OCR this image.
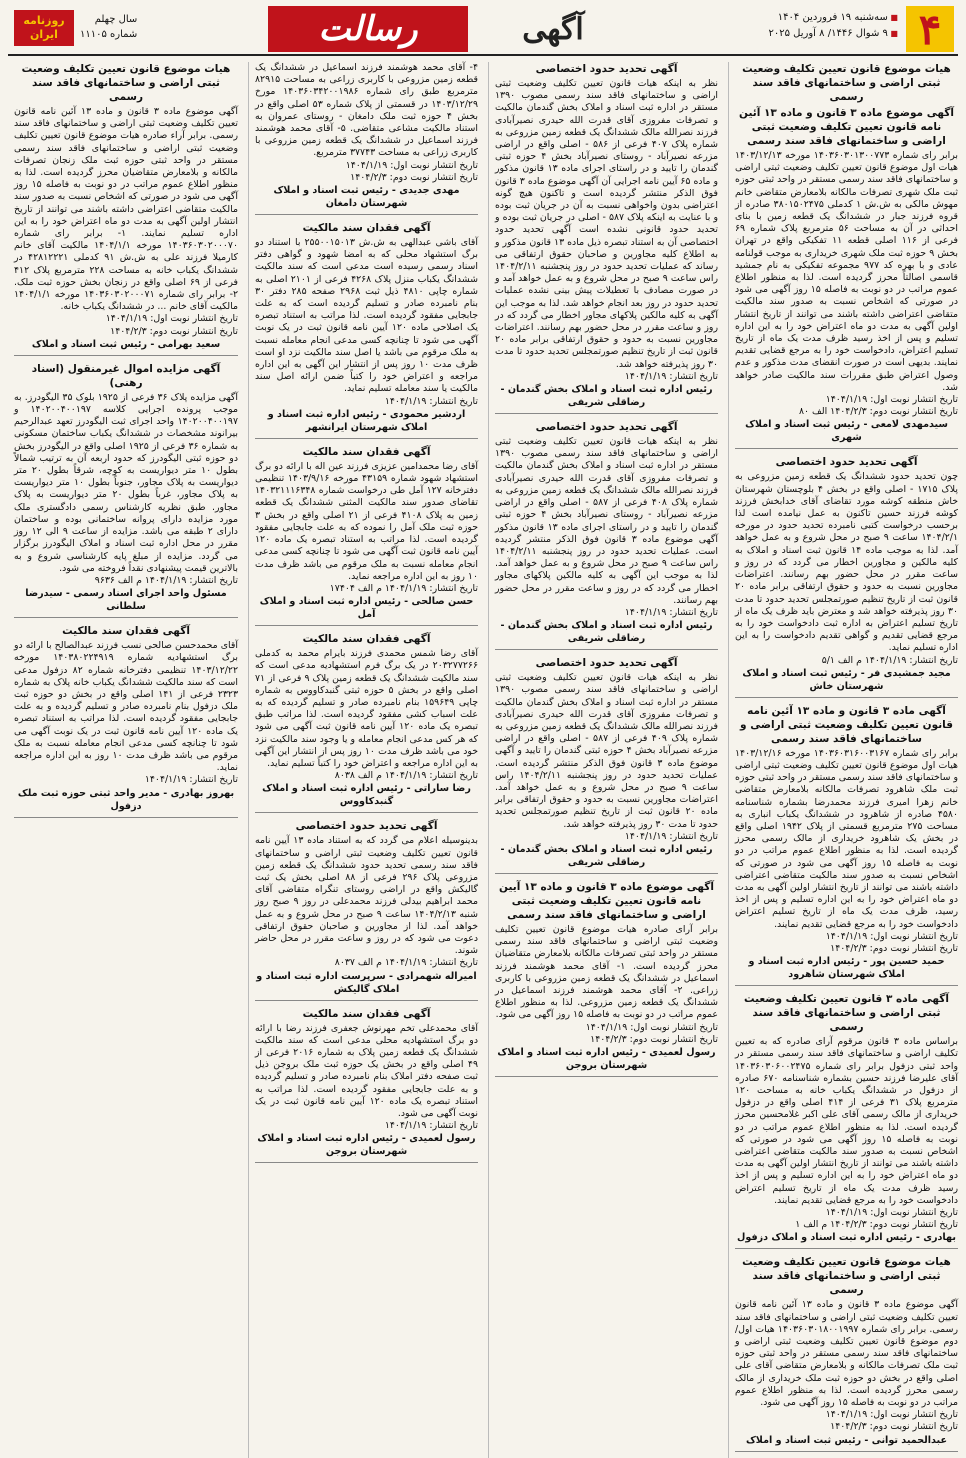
۴
■ سه‌شنبه ۱۹ فروردین ۱۴۰۴
■ ۹ شوال ۱۴۴۶/ ۸ آوریل ۲۰۲۵
آگهی
رسالت
سال چهلم
شماره ۱۱۱۰۵
روزنامه
ایران
هیات موضوع قانون تعیین تکلیف وضعیت ثبتی اراضی و ساختمانهای فاقد سند رسمی
آگهی موضوع ماده ۳ قانون و ماده ۱۳ آئین نامه قانون تعیین تکلیف وضعیت ثبتی اراضی و ساختمانهای فاقد سند رسمی
برابر رای شماره ۱۴۰۳۶۰۳۰۱۳۰۰۷۷۳ مورخه ۱۴۰۳/۱۲/۱۳ هیات اول موضوع قانون تعیین تکلیف وضعیت ثبتی اراضی و ساختمانهای فاقد سند رسمی مستقر در واحد ثبتی حوزه ثبت ملک شهری تصرفات مالکانه بلامعارض متقاضی خانم مهوش مالکی به ش.ش ۱ کدملی ۳۸۰۱۵۰۲۴۷۵ صادره از قروه فرزند جبار در ششدانگ یک قطعه زمین با بنای احداثی در آن به مساحت ۵۶ مترمربع پلاک شماره ۶۹ فرعی از ۱۱۶ اصلی قطعه ۱۱ تفکیکی واقع در تهران بخش ۹ حوزه ثبت ملک شهری خریداری به موجب قولنامه عادی و با بهره کد ۹۷۷ مجموعه تفکیکی به نام جمشید قاسمی اصالتاً محرز گردیده است. لذا به منظور اطلاع عموم مراتب در دو نوبت به فاصله ۱۵ روز آگهی می شود در صورتی که اشخاص نسبت به صدور سند مالکیت متقاضی اعتراضی داشته باشند می توانند از تاریخ انتشار اولین آگهی به مدت دو ماه اعتراض خود را به این اداره تسلیم و پس از اخذ رسید ظرف مدت یک ماه از تاریخ تسلیم اعتراض، دادخواست خود را به مرجع قضایی تقدیم نمایند. بدیهی است در صورت انقضای مدت مذکور و عدم وصول اعتراض طبق مقررات سند مالکیت صادر خواهد شد.
تاریخ انتشار نوبت اول: ۱۴۰۴/۱/۱۹
تاریخ انتشار نوبت دوم: ۱۴۰۴/۲/۳ الف ۸۰
سیدمهدی لامعی - رئیس ثبت اسناد و املاک شهری
آگهی تحدید حدود اختصاصی
چون تحدید حدود ششدانگ یک قطعه زمین مزروعی به پلاک ۱۷۱۵ - اصلی واقع در بخش ۴ بلوچستان شهرستان خاش منطقه کوشه مورد تقاضای آقای خدابخش فرزند کوشه فرزند حسین تاکنون به عمل نیامده است لذا برحسب درخواست کتبی نامبرده تحدید حدود در مورخه ۱۴۰۴/۲/۱ ساعت ۹ صبح در محل شروع و به عمل خواهد آمد. لذا به موجب ماده ۱۴ قانون ثبت اسناد و املاک به کلیه مالکین و مجاورین اخطار می گردد که در روز و ساعت مقرر در محل حضور بهم رسانند. اعتراضات مجاورین نسبت به حدود و حقوق ارتفاقی برابر ماده ۲۰ قانون ثبت از تاریخ تنظیم صورتمجلس تحدید حدود تا مدت ۳۰ روز پذیرفته خواهد شد و معترض باید ظرف یک ماه از تاریخ تسلیم اعتراض به اداره ثبت دادخواست خود را به مرجع قضایی تقدیم و گواهی تقدیم دادخواست را به این اداره تسلیم نماید.
تاریخ انتشار: ۱۴۰۴/۱/۱۹ م الف ۵/۱
مجید جمشیدی فر - رئیس ثبت اسناد و املاک شهرستان خاش
آگهی ماده ۳ قانون و ماده ۱۳ آئین نامه قانون تعیین تکلیف وضعیت ثبتی اراضی و ساختمانهای فاقد سند رسمی
برابر رای شماره ۱۴۰۳۶۰۳۱۶۰۰۳۱۶۷ مورخه ۱۴۰۳/۱۲/۱۶ هیات اول موضوع قانون تعیین تکلیف وضعیت ثبتی اراضی و ساختمانهای فاقد سند رسمی مستقر در واحد ثبتی حوزه ثبت ملک شاهرود تصرفات مالکانه بلامعارض متقاضی خانم زهرا امیری فرزند محمدرضا بشماره شناسنامه ۴۵۸۰ صادره از شاهرود در ششدانگ یکباب انباری به مساحت ۲۷۵ مترمربع قسمتی از پلاک ۱۹۴۲ اصلی واقع در بخش یک شاهرود خریداری از مالک رسمی محرز گردیده است. لذا به منظور اطلاع عموم مراتب در دو نوبت به فاصله ۱۵ روز آگهی می شود در صورتی که اشخاص نسبت به صدور سند مالکیت متقاضی اعتراضی داشته باشند می توانند از تاریخ انتشار اولین آگهی به مدت دو ماه اعتراض خود را به این اداره تسلیم و پس از اخذ رسید، ظرف مدت یک ماه از تاریخ تسلیم اعتراض دادخواست خود را به مرجع قضایی تقدیم نمایند.
تاریخ انتشار نوبت اول: ۱۴۰۴/۱/۱۹
تاریخ انتشار نوبت دوم: ۱۴۰۴/۲/۳
حمید حسین پور - رئیس اداره ثبت اسناد و املاک شهرستان شاهرود
آگهی ماده ۳ قانون تعیین تکلیف وضعیت ثبتی اراضی و ساختمانهای فاقد سند رسمی
براساس ماده ۳ قانون مرقوم آرای صادره که به تعیین تکلیف اراضی و ساختمانهای فاقد سند رسمی مستقر در واحد ثبتی دزفول برابر رای شماره ۱۴۰۳۶۰۳۰۶۰۰۲۴۷۵ آقای علیرضا فرزند حسین بشماره شناسنامه ۶۷۰ صادره از دزفول در ششدانگ یکباب خانه به مساحت ۱۲۰ مترمربع پلاک ۳۱ فرعی از ۴۱۴ اصلی واقع در دزفول خریداری از مالک رسمی آقای علی اکبر غلامحسین محرز گردیده است. لذا به منظور اطلاع عموم مراتب در دو نوبت به فاصله ۱۵ روز آگهی می شود در صورتی که اشخاص نسبت به صدور سند مالکیت متقاضی اعتراضی داشته باشند می توانند از تاریخ انتشار اولین آگهی به مدت دو ماه اعتراض خود را به این اداره تسلیم و پس از اخذ رسید ظرف مدت یک ماه از تاریخ تسلیم اعتراض دادخواست خود را به مرجع قضایی تقدیم نمایند.
تاریخ انتشار نوبت اول: ۱۴۰۴/۱/۱۹
تاریخ انتشار نوبت دوم: ۱۴۰۴/۲/۳ م الف ۱
بهادری - رئیس اداره ثبت اسناد و املاک دزفول
هیات موضوع قانون تعیین تکلیف وضعیت ثبتی اراضی و ساختمانهای فاقد سند رسمی
آگهی موضوع ماده ۳ قانون و ماده ۱۳ آئین نامه قانون تعیین تکلیف وضعیت ثبتی اراضی و ساختمانهای فاقد سند رسمی. برابر رای شماره ۱۴۰۳۶۰۳۰۱۸۰۰۱۹۹۷ هیات اول/دوم موضوع قانون تعیین تکلیف وضعیت ثبتی اراضی و ساختمانهای فاقد سند رسمی مستقر در واحد ثبتی حوزه ثبت ملک تصرفات مالکانه و بلامعارض متقاضی آقای علی اصلی واقع در بخش دو حوزه ثبت ملک خریداری از مالک رسمی محرز گردیده است. لذا به منظور اطلاع عموم مراتب در دو نوبت به فاصله ۱۵ روز آگهی می شود.
تاریخ انتشار نوبت اول: ۱۴۰۴/۱/۱۹
تاریخ انتشار نوبت دوم: ۱۴۰۴/۲/۳
عبدالحمید توانی - رئیس ثبت اسناد و املاک
آگهی تحدید حدود اختصاصی
نظر به اینکه هیات قانون تعیین تکلیف وضعیت ثبتی اراضی و ساختمانهای فاقد سند رسمی مصوب ۱۳۹۰ مستقر در اداره ثبت اسناد و املاک بخش گندمان مالکیت و تصرفات مفروزی آقای قدرت الله حیدری نصیرآبادی فرزند نصرالله مالک ششدانگ یک قطعه زمین مزروعی به شماره پلاک ۴۰۷ فرعی از ۵۸۶ - اصلی واقع در اراضی مزرعه نصیرآباد - روستای نصیرآباد بخش ۴ حوزه ثبتی گندمان را تایید و در راستای اجرای ماده ۱۳ قانون مذکور و ماده ۶۵ آیین نامه اجرایی آن آگهی موضوع ماده ۳ قانون فوق الذکر منتشر گردیده است و تاکنون هیچ گونه اعتراضی بدون واخواهی نسبت به آن در جریان ثبت بوده و با عنایت به اینکه پلاک ۵۸۷ - اصلی در جریان ثبت بوده و تحدید حدود قانونی نشده است آگهی تحدید حدود اختصاصی آن به استناد تبصره ذیل ماده ۱۳ قانون مذکور و به اطلاع کلیه مجاورین و صاحبان حقوق ارتفاقی می رساند که عملیات تحدید حدود در روز پنجشنبه ۱۴۰۴/۲/۱۱ راس ساعت ۹ صبح در محل شروع و به عمل خواهد آمد و در صورت مصادف با تعطیلات پیش بینی نشده عملیات تحدید حدود در روز بعد انجام خواهد شد. لذا به موجب این آگهی به کلیه مالکین پلاکهای مجاور اخطار می گردد که در روز و ساعت مقرر در محل حضور بهم رسانند. اعتراضات مجاورین نسبت به حدود و حقوق ارتفاقی برابر ماده ۲۰ قانون ثبت از تاریخ تنظیم صورتمجلس تحدید حدود تا مدت ۳۰ روز پذیرفته خواهد شد.
تاریخ انتشار: ۱۴۰۴/۱/۱۹
رئیس اداره ثبت اسناد و املاک بخش گندمان - رضاقلی شریفی
آگهی تحدید حدود اختصاصی
نظر به اینکه هیات قانون تعیین تکلیف وضعیت ثبتی اراضی و ساختمانهای فاقد سند رسمی مصوب ۱۳۹۰ مستقر در اداره ثبت اسناد و املاک بخش گندمان مالکیت و تصرفات مفروزی آقای قدرت الله حیدری نصیرآبادی فرزند نصرالله مالک ششدانگ یک قطعه زمین مزروعی به شماره پلاک ۴۰۸ فرعی از ۵۸۷ - اصلی واقع در اراضی مزرعه نصیرآباد - روستای نصیرآباد بخش ۴ حوزه ثبتی گندمان را تایید و در راستای اجرای ماده ۱۳ قانون مذکور آگهی موضوع ماده ۳ قانون فوق الذکر منتشر گردیده است. عملیات تحدید حدود در روز پنجشنبه ۱۴۰۴/۲/۱۱ راس ساعت ۹ صبح در محل شروع و به عمل خواهد آمد. لذا به موجب این آگهی به کلیه مالکین پلاکهای مجاور اخطار می گردد که در روز و ساعت مقرر در محل حضور بهم رسانند.
تاریخ انتشار: ۱۴۰۴/۱/۱۹
رئیس اداره ثبت اسناد و املاک بخش گندمان - رضاقلی شریفی
آگهی تحدید حدود اختصاصی
نظر به اینکه هیات قانون تعیین تکلیف وضعیت ثبتی اراضی و ساختمانهای فاقد سند رسمی مصوب ۱۳۹۰ مستقر در اداره ثبت اسناد و املاک بخش گندمان مالکیت و تصرفات مفروزی آقای قدرت الله حیدری نصیرآبادی فرزند نصرالله مالک ششدانگ یک قطعه زمین مزروعی به شماره پلاک ۴۰۹ فرعی از ۵۸۷ - اصلی واقع در اراضی مزرعه نصیرآباد بخش ۴ حوزه ثبتی گندمان را تایید و آگهی موضوع ماده ۳ قانون فوق الذکر منتشر گردیده است. عملیات تحدید حدود در روز پنجشنبه ۱۴۰۴/۲/۱۱ راس ساعت ۹ صبح در محل شروع و به عمل خواهد آمد. اعتراضات مجاورین نسبت به حدود و حقوق ارتفاقی برابر ماده ۲۰ قانون ثبت از تاریخ تنظیم صورتمجلس تحدید حدود تا مدت ۳۰ روز پذیرفته خواهد شد.
تاریخ انتشار: ۱۴۰۴/۱/۱۹
رئیس اداره ثبت اسناد و املاک بخش گندمان - رضاقلی شریفی
آگهی موضوع ماده ۳ قانون و ماده ۱۳ آیین نامه قانون تعیین تکلیف وضعیت ثبتی اراضی و ساختمانهای فاقد سند رسمی
برابر آرای صادره هیات موضوع قانون تعیین تکلیف وضعیت ثبتی اراضی و ساختمانهای فاقد سند رسمی مستقر در واحد ثبتی تصرفات مالکانه بلامعارض متقاضیان محرز گردیده است. ۱- آقای محمد هوشمند فرزند اسماعیل در ششدانگ یک قطعه زمین مزروعی با کاربری زراعی. ۲- آقای محمد هوشمند فرزند اسماعیل در ششدانگ یک قطعه زمین مزروعی. لذا به منظور اطلاع عموم مراتب در دو نوبت به فاصله ۱۵ روز آگهی می شود.
تاریخ انتشار نوبت اول: ۱۴۰۴/۱/۱۹
تاریخ انتشار نوبت دوم: ۱۴۰۴/۲/۳
رسول لعمیدی - رئیس اداره ثبت اسناد و املاک شهرستان بروجن
۴- آقای محمد هوشمند فرزند اسماعیل در ششدانگ یک قطعه زمین مزروعی با کاربری زراعی به مساحت ۸۲۹۱۵ مترمربع طبق رای شماره ۱۴۰۳۶۰۳۴۲۰۰۱۹۸۶ مورخ ۱۴۰۳/۱۲/۲۹ در قسمتی از پلاک شماره ۵۳ اصلی واقع در بخش ۴ حوزه ثبت ملک دامغان - روستای عمروان به استناد مالکیت مشاعی متقاضی. ۵- آقای محمد هوشمند فرزند اسماعیل در ششدانگ یک قطعه زمین مزروعی با کاربری زراعی به مساحت ۳۷۷۴۳ مترمربع.
تاریخ انتشار نوبت اول: ۱۴۰۴/۱/۱۹
تاریخ انتشار نوبت دوم: ۱۴۰۴/۲/۳
مهدی جدیدی - رئیس ثبت اسناد و املاک شهرستان دامغان
آگهی فقدان سند مالکیت
آقای باشی عبدالهی به ش.ش ۲۵۵۰۰۱۵۰۱۳ با استناد دو برگ استشهاد محلی که به امضا شهود و گواهی دفتر اسناد رسمی رسیده است مدعی است که سند مالکیت ششدانگ یکباب منزل پلاک ۴۲۶۸ فرعی از ۲۱۰۱ اصلی به شماره چاپی ۴۸۱۰ ذیل ثبت ۲۹۶۸ صفحه ۲۸۵ دفتر ۳۰ بنام نامبرده صادر و تسلیم گردیده است که به علت جابجایی مفقود گردیده است. لذا مراتب به استناد تبصره یک اصلاحی ماده ۱۲۰ آیین نامه قانون ثبت در یک نوبت آگهی می شود تا چنانچه کسی مدعی انجام معامله نسبت به ملک مرقوم می باشد یا اصل سند مالکیت نزد او است ظرف مدت ۱۰ روز پس از انتشار این آگهی به این اداره مراجعه و اعتراض خود را کتباً ضمن ارائه اصل سند مالکیت یا سند معامله تسلیم نماید.
تاریخ انتشار: ۱۴۰۴/۱/۱۹
اردشیر محمودی - رئیس اداره ثبت اسناد و املاک شهرستان ایرانشهر
آگهی فقدان سند مالکیت
آقای رضا محمدامین عزیزی فرزند عین اله با ارائه دو برگ استشهاد شهود شماره ۴۳۱۵۹ مورخه ۱۴۰۳/۹/۱۶ تنظیمی دفترخانه ۱۲۷ آمل طی درخواست شماره ۱۴۰۳۲۱۱۱۶۳۴۸ تقاضای صدور سند مالکیت المثنی ششدانگ یک قطعه زمین به پلاک ۴۱۰۸ فرعی از ۲۱ اصلی واقع در بخش ۳ حوزه ثبت ملک آمل را نموده که به علت جابجایی مفقود گردیده است. لذا مراتب به استناد تبصره یک ماده ۱۲۰ آیین نامه قانون ثبت آگهی می شود تا چنانچه کسی مدعی انجام معامله نسبت به ملک مرقوم می باشد ظرف مدت ۱۰ روز به این اداره مراجعه نماید.
تاریخ انتشار: ۱۴۰۴/۱/۱۹ م الف ۱۷۴۰۴
حسن صالحی - رئیس اداره ثبت اسناد و املاک آمل
آگهی فقدان سند مالکیت
آقای رضا شمس محمدی فرزند بایرام محمد به کدملی ۲۰۳۲۷۷۲۶۶ در یک برگ فرم استشهادیه مدعی است که سند مالکیت ششدانگ یک قطعه زمین پلاک ۹ فرعی از ۷۱ اصلی واقع در بخش ۵ حوزه ثبتی گنبدکاووس به شماره چاپی ۱۵۹۶۴۹ بنام نامبرده صادر و تسلیم گردیده که به علت اسباب کشی مفقود گردیده است. لذا مراتب طبق تبصره یک ماده ۱۲۰ آیین نامه قانون ثبت آگهی می شود که هر کس مدعی انجام معامله و یا وجود سند مالکیت نزد خود می باشد ظرف مدت ۱۰ روز پس از انتشار این آگهی به این اداره مراجعه و اعتراض خود را کتباً تسلیم نماید.
تاریخ انتشار: ۱۴۰۴/۱/۱۹ م الف ۸۰۳۸
رضا ساراتی - رئیس اداره ثبت اسناد و املاک گنبدکاووس
آگهی تحدید حدود اختصاصی
بدینوسیله اعلام می گردد که به استناد ماده ۱۳ آیین نامه قانون تعیین تکلیف وضعیت ثبتی اراضی و ساختمانهای فاقد سند رسمی تحدید حدود ششدانگ یک قطعه زمین مزروعی پلاک ۲۹۶ فرعی از ۸۸ اصلی بخش یک ثبت گالیکش واقع در اراضی روستای تنگراه متقاضی آقای محمد ابراهیم بیدلی فرزند محمدعلی در روز ۹ صبح روز شنبه ۱۴۰۴/۲/۱۳ ساعت ۹ صبح در محل شروع و به عمل خواهد آمد. لذا از مجاورین و صاحبان حقوق ارتفاقی دعوت می شود که در روز و ساعت مقرر در محل حاضر شوند.
تاریخ انتشار: ۱۴۰۴/۱/۱۹ م الف ۸۰۳۷
امیراله شهمرادی - سرپرست اداره ثبت اسناد و املاک گالیکش
آگهی فقدان سند مالکیت
آقای محمدعلی تخم مهرنوش جعفری فرزند رضا با ارائه دو برگ استشهادیه محلی مدعی است که سند مالکیت ششدانگ یک قطعه زمین پلاک به شماره ۲۰۱۶ فرعی از ۴۹ اصلی واقع در بخش یک حوزه ثبت ملک بروجن ذیل ثبت صفحه دفتر املاک بنام نامبرده صادر و تسلیم گردیده و به علت جابجایی مفقود گردیده است. لذا مراتب به استناد تبصره یک ماده ۱۲۰ آیین نامه قانون ثبت در یک نوبت آگهی می شود.
تاریخ انتشار: ۱۴۰۴/۱/۱۹
رسول لعمیدی - رئیس اداره ثبت اسناد و املاک شهرستان بروجن
هیات موضوع قانون تعیین تکلیف وضعیت ثبتی اراضی و ساختمانهای فاقد سند رسمی
آگهی موضوع ماده ۳ قانون و ماده ۱۳ آئین نامه قانون تعیین تکلیف وضعیت ثبتی اراضی و ساختمانهای فاقد سند رسمی. برابر آراء صادره هیات موضوع قانون تعیین تکلیف وضعیت ثبتی اراضی و ساختمانهای فاقد سند رسمی مستقر در واحد ثبتی حوزه ثبت ملک زنجان تصرفات مالکانه و بلامعارض متقاضیان محرز گردیده است. لذا به منظور اطلاع عموم مراتب در دو نوبت به فاصله ۱۵ روز آگهی می شود در صورتی که اشخاص نسبت به صدور سند مالکیت متقاضی اعتراضی داشته باشند می توانند از تاریخ انتشار اولین آگهی به مدت دو ماه اعتراض خود را به این اداره تسلیم نمایند. ۱- برابر رای شماره ۱۴۰۳۶۰۳۰۲۰۰۰۷۰ مورخه ۱۴۰۴/۱/۱ مالکیت آقای خانم کارمیلا فرزند علی به ش.ش ۹۱ کدملی ۴۲۸۱۲۲۲۱ در ششدانگ یکباب خانه به مساحت ۲۲۸ مترمربع پلاک ۴۱۲ فرعی از ۶۹ اصلی واقع در زنجان بخش حوزه ثبت ملک. ۲- برابر رای شماره ۱۴۰۳۶۰۳۰۲۰۰۰۷۱ مورخه ۱۴۰۴/۱/۱ مالکیت آقای خانم ... در ششدانگ یکباب خانه.
تاریخ انتشار نوبت اول: ۱۴۰۴/۱/۱۹
تاریخ انتشار نوبت دوم: ۱۴۰۴/۲/۳
سعید بهرامی - رئیس ثبت اسناد و املاک
آگهی مزایده اموال غیرمنقول (اسناد رهنی)
آگهی مزایده پلاک ۳۶ فرعی از ۱۹۲۵ بلوک ۳۵ الیگودرز. به موجب پرونده اجرایی کلاسه ۱۴۰۲۰۰۴۰۰۱۹۷ و ۱۴۰۲۰۰۴۰۰۱۹۷ واحد اجرای ثبت الیگودرز تعهد عبدالرحیم بیرانوند مشخصات در ششدانگ یکباب ساختمان مسکونی به شماره ۳۶ فرعی از ۱۹۲۵ اصلی واقع در الیگودرز بخش دو حوزه ثبتی الیگودرز که حدود اربعه آن به ترتیب شمالاً بطول ۱۰ متر دیواریست به کوچه، شرقاً بطول ۲۰ متر دیواریست به پلاک مجاور، جنوباً بطول ۱۰ متر دیواریست به پلاک مجاور، غرباً بطول ۲۰ متر دیواریست به پلاک مجاور. طبق نظریه کارشناس رسمی دادگستری ملک مورد مزایده دارای پروانه ساختمانی بوده و ساختمان دارای ۲ طبقه می باشد. مزایده از ساعت ۹ الی ۱۲ روز مقرر در محل اداره ثبت اسناد و املاک الیگودرز برگزار می گردد. مزایده از مبلغ پایه کارشناسی شروع و به بالاترین قیمت پیشنهادی نقداً فروخته می شود.
تاریخ انتشار: ۱۴۰۴/۱/۱۹ م الف ۹۶۳۶
مسئول واحد اجرای اسناد رسمی - سیدرضا سلطانی
آگهی فقدان سند مالکیت
آقای محمدحسن صالحی نسب فرزند عبدالصالح با ارائه دو برگ استشهادیه شماره ۱۴۰۳۸۰۲۲۴۹۱۹ مورخه ۱۴۰۳/۱۲/۲۲ تنظیمی دفترخانه شماره ۸۲ دزفول مدعی است که سند مالکیت ششدانگ یکباب خانه پلاک به شماره ۲۳۲۳ فرعی از ۱۴۱ اصلی واقع در بخش دو حوزه ثبت ملک دزفول بنام نامبرده صادر و تسلیم گردیده و به علت جابجایی مفقود گردیده است. لذا مراتب به استناد تبصره یک ماده ۱۲۰ آیین نامه قانون ثبت در یک نوبت آگهی می شود تا چنانچه کسی مدعی انجام معامله نسبت به ملک مرقوم می باشد ظرف مدت ۱۰ روز به این اداره مراجعه نماید.
تاریخ انتشار: ۱۴۰۴/۱/۱۹
بهروز بهادری - مدیر واحد ثبتی حوزه ثبت ملک دزفول
